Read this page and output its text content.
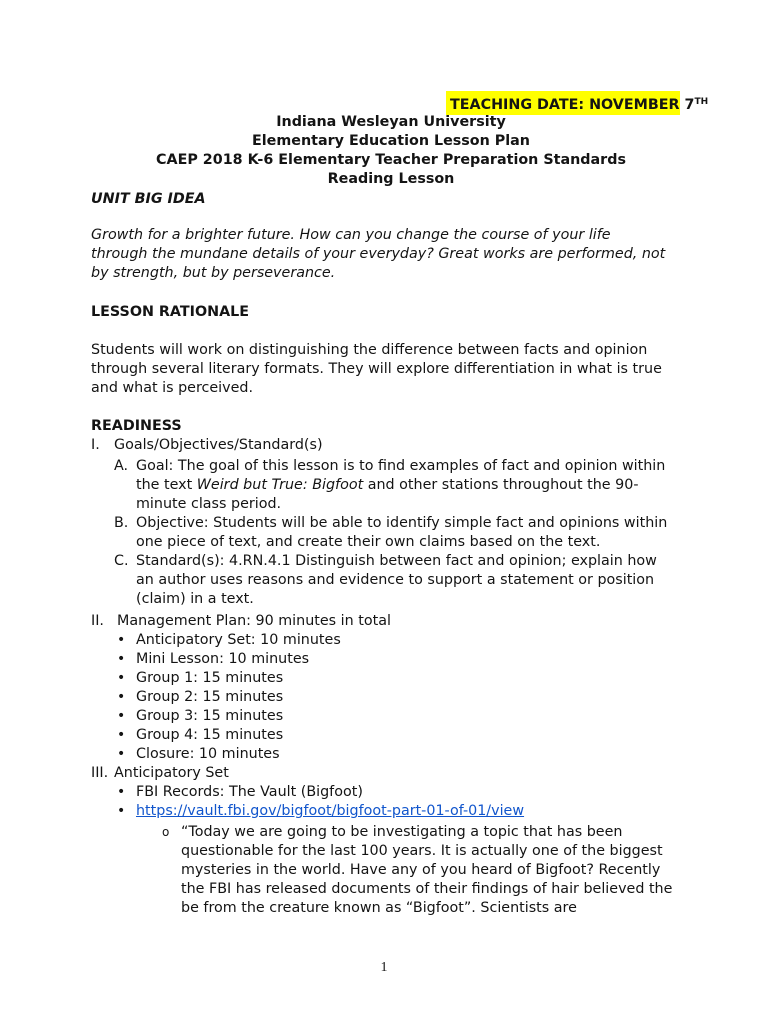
TEACHING DATE: NOVEMBER 7TH
Indiana Wesleyan University
Elementary Education Lesson Plan
CAEP 2018 K-6 Elementary Teacher Preparation Standards
Reading Lesson
UNIT BIG IDEA
Growth for a brighter future. How can you change the course of your life
through the mundane details of your everyday? Great works are performed, not
by strength, but by perseverance.
LESSON RATIONALE
Students will work on distinguishing the difference between facts and opinion
through several literary formats. They will explore differentiation in what is true
and what is perceived.
READINESS
I. Goals/Objectives/Standard(s)
A. Goal: The goal of this lesson is to find examples of fact and opinion within
the text Weird but True: Bigfoot and other stations throughout the 90-
minute class period.
B. Objective: Students will be able to identify simple fact and opinions within
one piece of text, and create their own claims based on the text.
C. Standard(s): 4.RN.4.1 Distinguish between fact and opinion; explain how
an author uses reasons and evidence to support a statement or position
(claim) in a text.
II. Management Plan: 90 minutes in total
• Anticipatory Set: 10 minutes
• Mini Lesson: 10 minutes
• Group 1: 15 minutes
• Group 2: 15 minutes
• Group 3: 15 minutes
• Group 4: 15 minutes
• Closure: 10 minutes
III. Anticipatory Set
• FBI Records: The Vault (Bigfoot)
• https://vault.fbi.gov/bigfoot/bigfoot-part-01-of-01/view
o “Today we are going to be investigating a topic that has been
questionable for the last 100 years. It is actually one of the biggest
mysteries in the world. Have any of you heard of Bigfoot? Recently
the FBI has released documents of their findings of hair believed the
be from the creature known as “Bigfoot”. Scientists are
1
